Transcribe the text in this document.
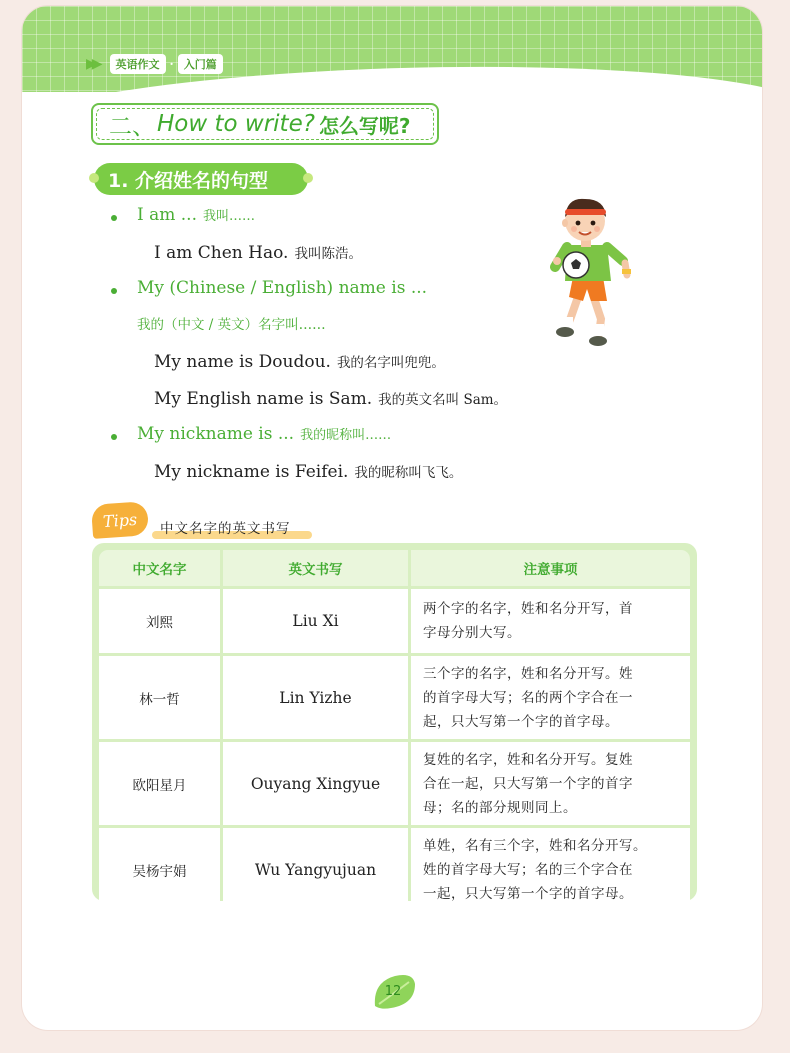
▶▶	英语作文 · 入门篇
二、 How to write? 怎么写呢?
1. 介绍姓名的句型
I am ... 我叫……
I am Chen Hao. 我叫陈浩。
My (Chinese / English) name is ...
我的（中文 / 英文）名字叫……
My name is Doudou. 我的名字叫兜兜。
My English name is Sam. 我的英文名叫 Sam。
My nickname is ... 我的昵称叫……
My nickname is Feifei. 我的昵称叫飞飞。
Tips	中文名字的英文书写
中文名字	英文书写	注意事项
刘熙	Liu Xi	两个字的名字，姓和名分开写，首
字母分别大写。

林一哲	Lin Yizhe	三个字的名字，姓和名分开写。姓
的首字母大写；名的两个字合在一
起，只大写第一个字的首字母。

欧阳星月	Ouyang Xingyue	复姓的名字，姓和名分开写。复姓
合在一起，只大写第一个字的首字
母；名的部分规则同上。

吴杨宇娟	Wu Yangyujuan	单姓，名有三个字，姓和名分开写。
姓的首字母大写；名的三个字合在
一起，只大写第一个字的首字母。
12
